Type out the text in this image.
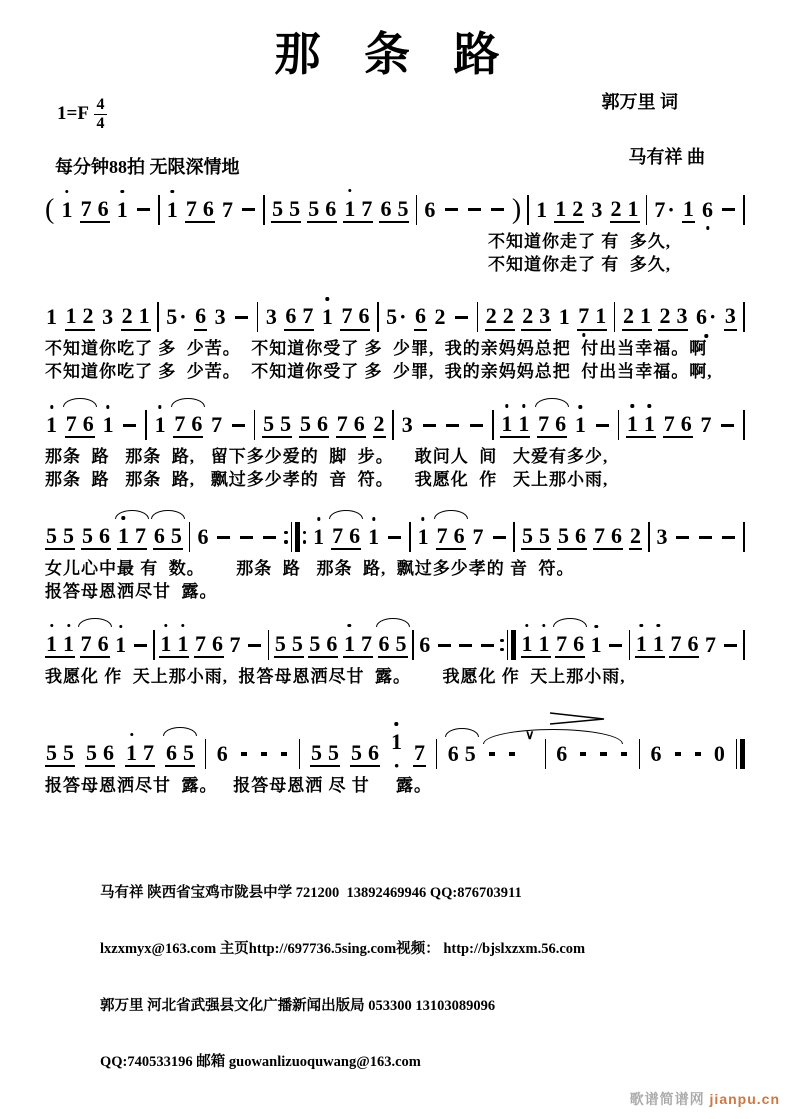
那 条 路
$1=F \frac{4}{4}$	郭万里 词

马有祥 曲

每分钟88拍 无限深情地
( 1 7 6 1 1 7 6 7 5 5 5 6 1 7 6 5 6	) 1 1 2 3 2 1 7· 1 6
不知道你走了 有  多久,
不知道你走了 有  多久,
1 1 2 3 2 1 5· 6 3 3 6 7 1 7 6 5· 6 2 2 2 2 3 1 7 1 2 1 2 3 6
· 3
不知道你吃了 多  少苦。  不知道你受了 多  少罪,  我的亲妈妈总把  付出当幸福。啊
不知道你吃了 多  少苦。  不知道你受了 多  少罪,  我的亲妈妈总把  付出当幸福。啊,
1 7 6 1 1 7 6 7 5 5 5 6 7 6 2 3	1 1 7 6 1 1 1 7 6 7
那条  路   那条  路,   留下多少爱的  脚  步。    敢问人  间   大爱有多少,
那条  路   那条  路,   飘过多少孝的  音  符。    我愿化  作   天上那小雨,
5 5 5 6 1 7 6 5 6	1 7 6 1 1 7 6 7 5 5 5 6 7 6 2 3
女儿心中最 有  数。      那条  路   那条  路,  飘过多少孝的 音  符。
报答母恩洒尽甘  露。
1 1 7 6 1 1 1 7 6 7 5 5 5 6 1 7 6 5 6	1 1 7 6 1 1 1 7 6 7
我愿化 作  天上那小雨,  报答母恩洒尽甘  露。      我愿化 作  天上那小雨,
5 5 5 6 1 7 6 5 6	5 5 5 6 1
·
7 6 5
∨
6	6 0
报答母恩洒尽甘  露。   报答母恩洒 尽 甘     露。

马有祥 陕西省宝鸡市陇县中学 721200  13892469946 QQ:876703911

lxzxmyx@163.com 主页http://697736.5sing.com视频： http://bjslxzxm.56.com

郭万里 河北省武强县文化广播新闻出版局 053300 13103089096

QQ:740533196 邮箱 guowanlizuoquwang@163.com

歌谱简谱网 jianpu.cn
